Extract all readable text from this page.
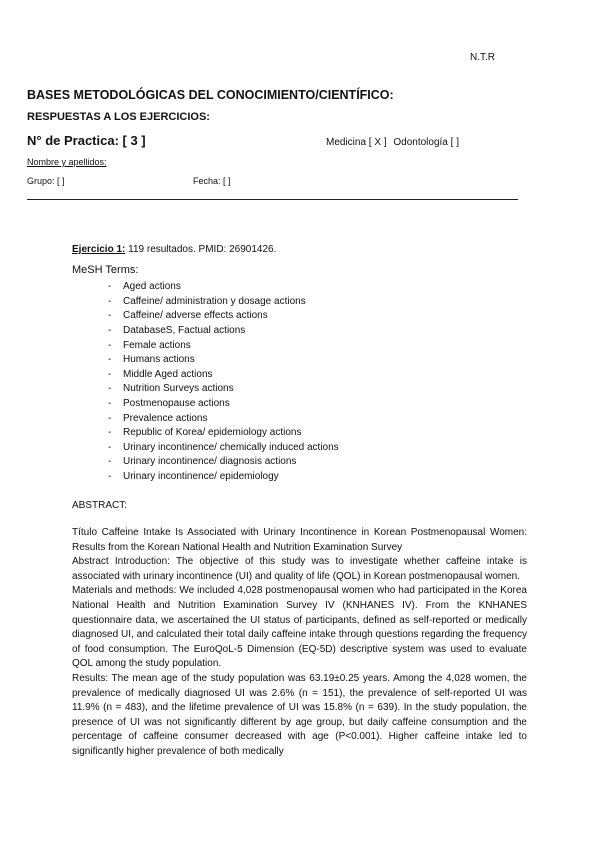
N.T.R
BASES METODOLÓGICAS DEL CONOCIMIENTO/CIENTÍFICO:
RESPUESTAS A LOS EJERCICIOS:
N° de Practica: [ 3 ]	Medicina [ X ] Odontología [ ]
Nombre y apellidos:
Grupo: [ ]	Fecha: [ ]
Ejercicio 1: 119 resultados. PMID: 26901426.
MeSH Terms:
- Aged actions
- Caffeine/ administration y dosage actions
- Caffeine/ adverse effects actions
- DatabaseS, Factual actions
- Female actions
- Humans actions
- Middle Aged actions
- Nutrition Surveys actions
- Postmenopause actions
- Prevalence actions
- Republic of Korea/ epidemiology actions
- Urinary incontinence/ chemically induced actions
- Urinary incontinence/ diagnosis actions
- Urinary incontinence/ epidemiology
ABSTRACT:

Título Caffeine Intake Is Associated with Urinary Incontinence in Korean Postmenopausal Women: Results from the Korean National Health and Nutrition Examination Survey

Abstract Introduction: The objective of this study was to investigate whether caffeine intake is associated with urinary incontinence (UI) and quality of life (QOL) in Korean postmenopausal women.

Materials and methods: We included 4,028 postmenopausal women who had participated in the Korea National Health and Nutrition Examination Survey IV (KNHANES IV). From the KNHANES questionnaire data, we ascertained the UI status of participants, defined as self-reported or medically diagnosed UI, and calculated their total daily caffeine intake through questions regarding the frequency of food consumption. The EuroQoL-5 Dimension (EQ-5D) descriptive system was used to evaluate QOL among the study population.

Results: The mean age of the study population was 63.19±0.25 years. Among the 4,028 women, the prevalence of medically diagnosed UI was 2.6% (n = 151), the prevalence of self-reported UI was 11.9% (n = 483), and the lifetime prevalence of UI was 15.8% (n = 639). In the study population, the presence of UI was not significantly different by age group, but daily caffeine consumption and the percentage of caffeine consumer decreased with age (P<0.001). Higher caffeine intake led to significantly higher prevalence of both medically
